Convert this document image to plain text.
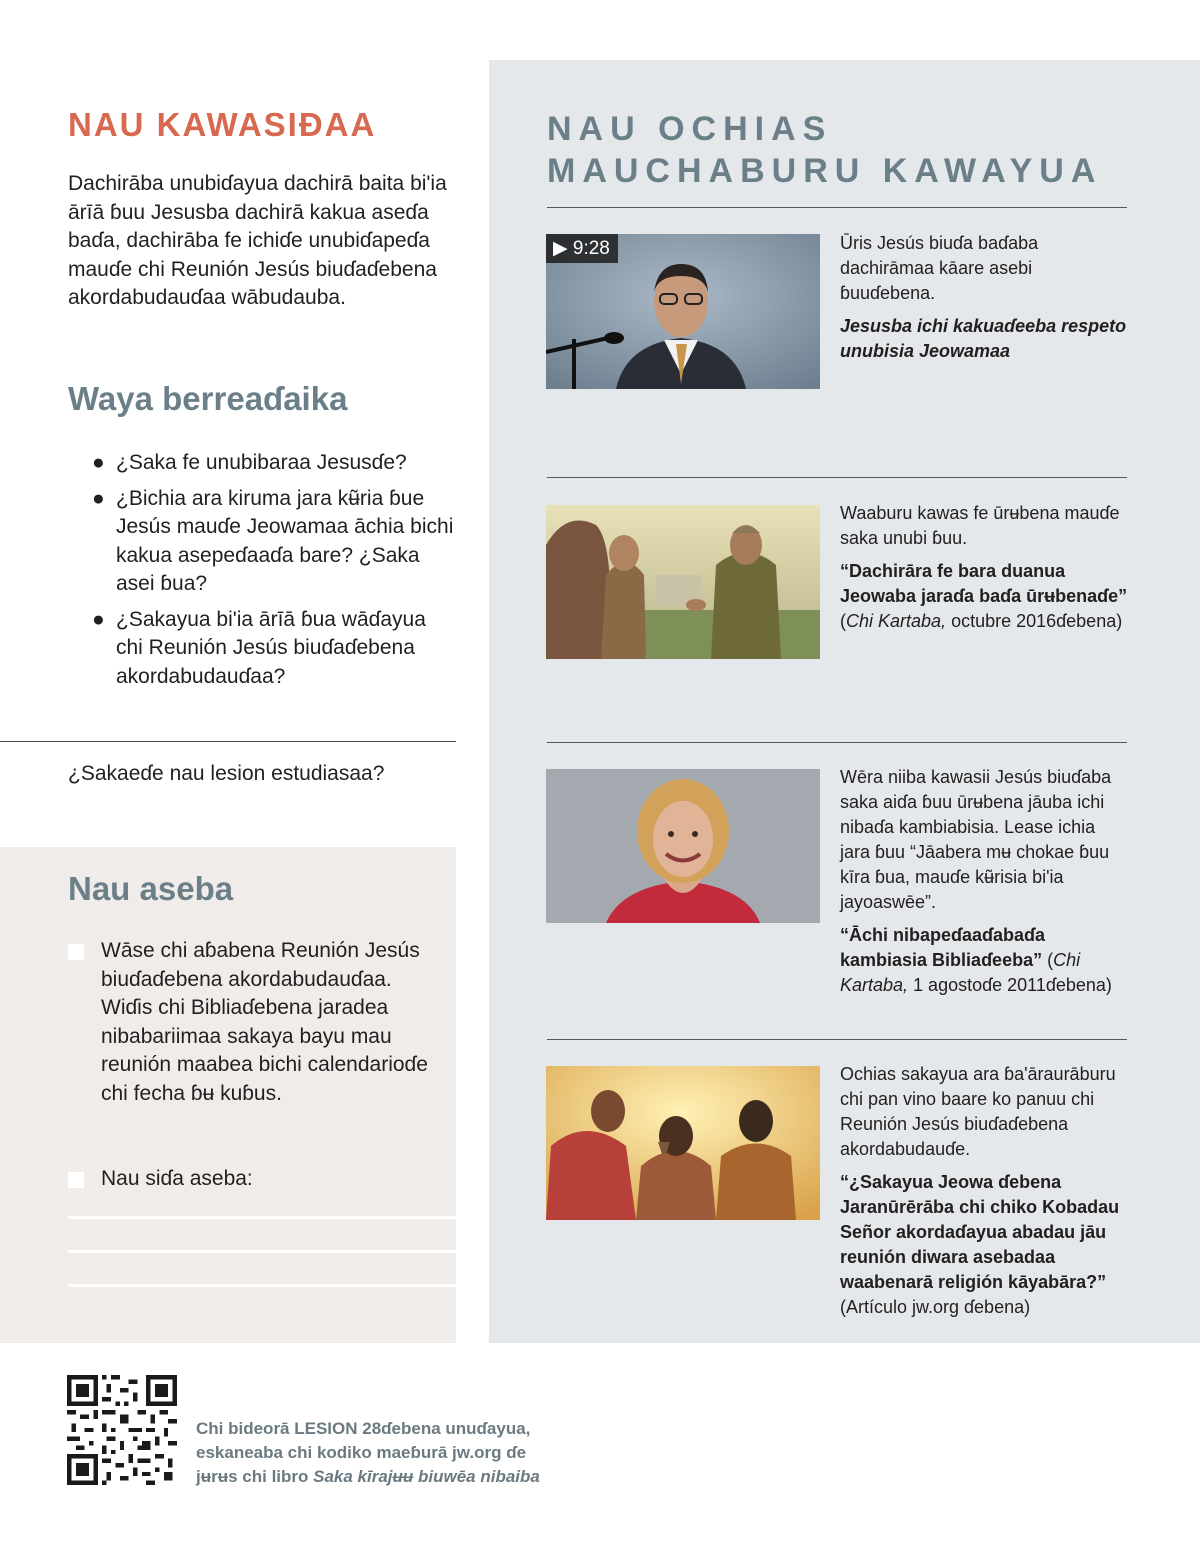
NAU KAWASIƉAA

Dachirāba unubiɗayua dachirā baita bi'ia ārīā ɓuu Jesusba dachirā kakua aseɗa baɗa, dachirāba fe ichiɗe unubiɗapeɗa mauɗe chi Reunión Jesús biuɗaɗebena akordabudauɗaa wābudauba.

Waya berreaɗaika
● ¿Saka fe unubibaraa Jesusɗe?
● ¿Bichia ara kiruma jara kʉ̃ria ɓue Jesús mauɗe Jeowamaa āchia bichi kakua asepeɗaaɗa bare? ¿Saka asei ɓua?
● ¿Sakayua bi'ia ārīā ɓua wāɗayua chi Reunión Jesús biuɗaɗebena akordabudauɗaa?

¿Sakaeɗe nau lesion estudiasaa?

Nau aseba
Wāse chi aɓabena Reunión Jesús biuɗaɗebena akordabudauɗaa. Wiɗis chi Bibliaɗebena jaradea nibabariimaa sakaya bayu mau reunión maabea bichi calendarioɗe chi fecha ɓʉ kuɓus.
Nau siɗa aseba:
NAU OCHIAS
MAUCHABURU KAWAYUA
▶ 9:28	Ūris Jesús biuɗa baɗaba dachirāmaa kāare asebi ɓuuɗebena.
Jesusba ichi kakuaɗeeba respeto unubisia Jeowamaa
Waaburu kawas fe ūrʉbena mauɗe saka unubi ɓuu.
“Dachirāra fe bara duanua Jeowaba jaraɗa baɗa ūrʉbenaɗe” (Chi Kartaba, octubre 2016ɗebena)
Wēra niiba kawasii Jesús biuɗaba saka aiɗa ɓuu ūrʉbena jāuba ichi nibaɗa kambiabisia. Lease ichia jara ɓuu “Jāabera mʉ chokae ɓuu kīra ɓua, mauɗe kʉ̃risia bi'ia jayoaswēe”.
“Āchi nibapeɗaaɗabaɗa kambiasia Bibliaɗeeba” (Chi Kartaba, 1 agostoɗe 2011ɗebena)
Ochias sakayua ara ɓa'āraurāburu chi pan vino baare ko panuu chi Reunión Jesús biuɗaɗebena akordabudauɗe.
“¿Sakayua Jeowa ɗebena Jaranūrērāba chi chiko Kobadau Señor akordaɗayua abadau jāu reunión diwara asebadaa waabenarā religión kāyabāra?”
(Artículo jw.org ɗebena)
Chi bideorā LESION 28ɗebena unuɗayua,
eskaneaba chi kodiko maeɓurā jw.org ɗe
jʉrʉs chi libro Saka kīrajʉʉ biuwēa nibaiba
